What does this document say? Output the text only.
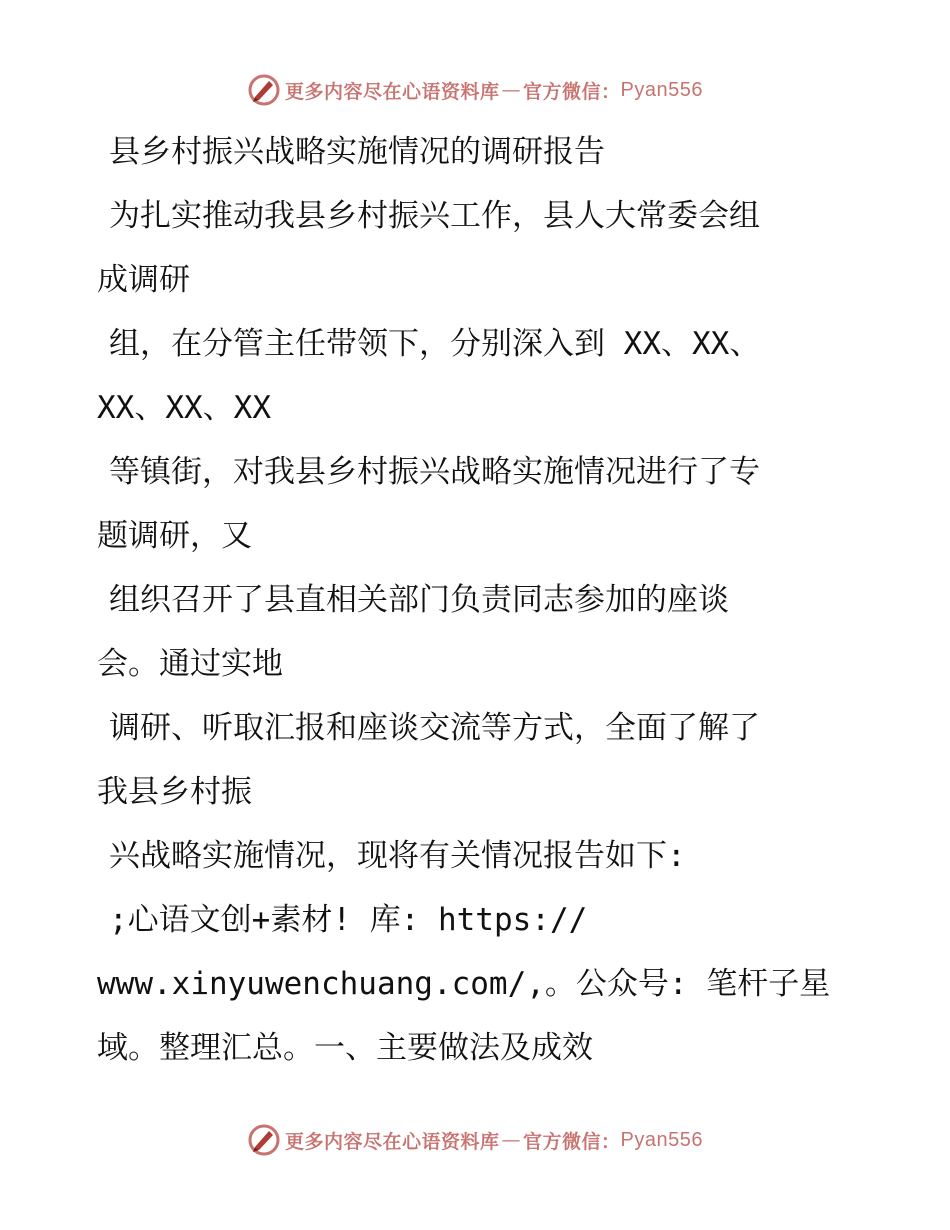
更多内容尽在心语资料库 — 官方微信： Pyan556
县乡村振兴战略实施情况的调研报告
为扎实推动我县乡村振兴工作，县人大常委会组
成调研
组，在分管主任带领下，分别深入到 XX、XX、
XX、XX、XX
等镇街，对我县乡村振兴战略实施情况进行了专
题调研，又
组织召开了县直相关部门负责同志参加的座谈
会。通过实地
调研、听取汇报和座谈交流等方式，全面了解了
我县乡村振
兴战略实施情况，现将有关情况报告如下:
;心语文创+素材! 库: https://
www.xinyuwenchuang.com/,。公众号: 笔杆子星
域。整理汇总。一、主要做法及成效
更多内容尽在心语资料库 — 官方微信： Pyan556
